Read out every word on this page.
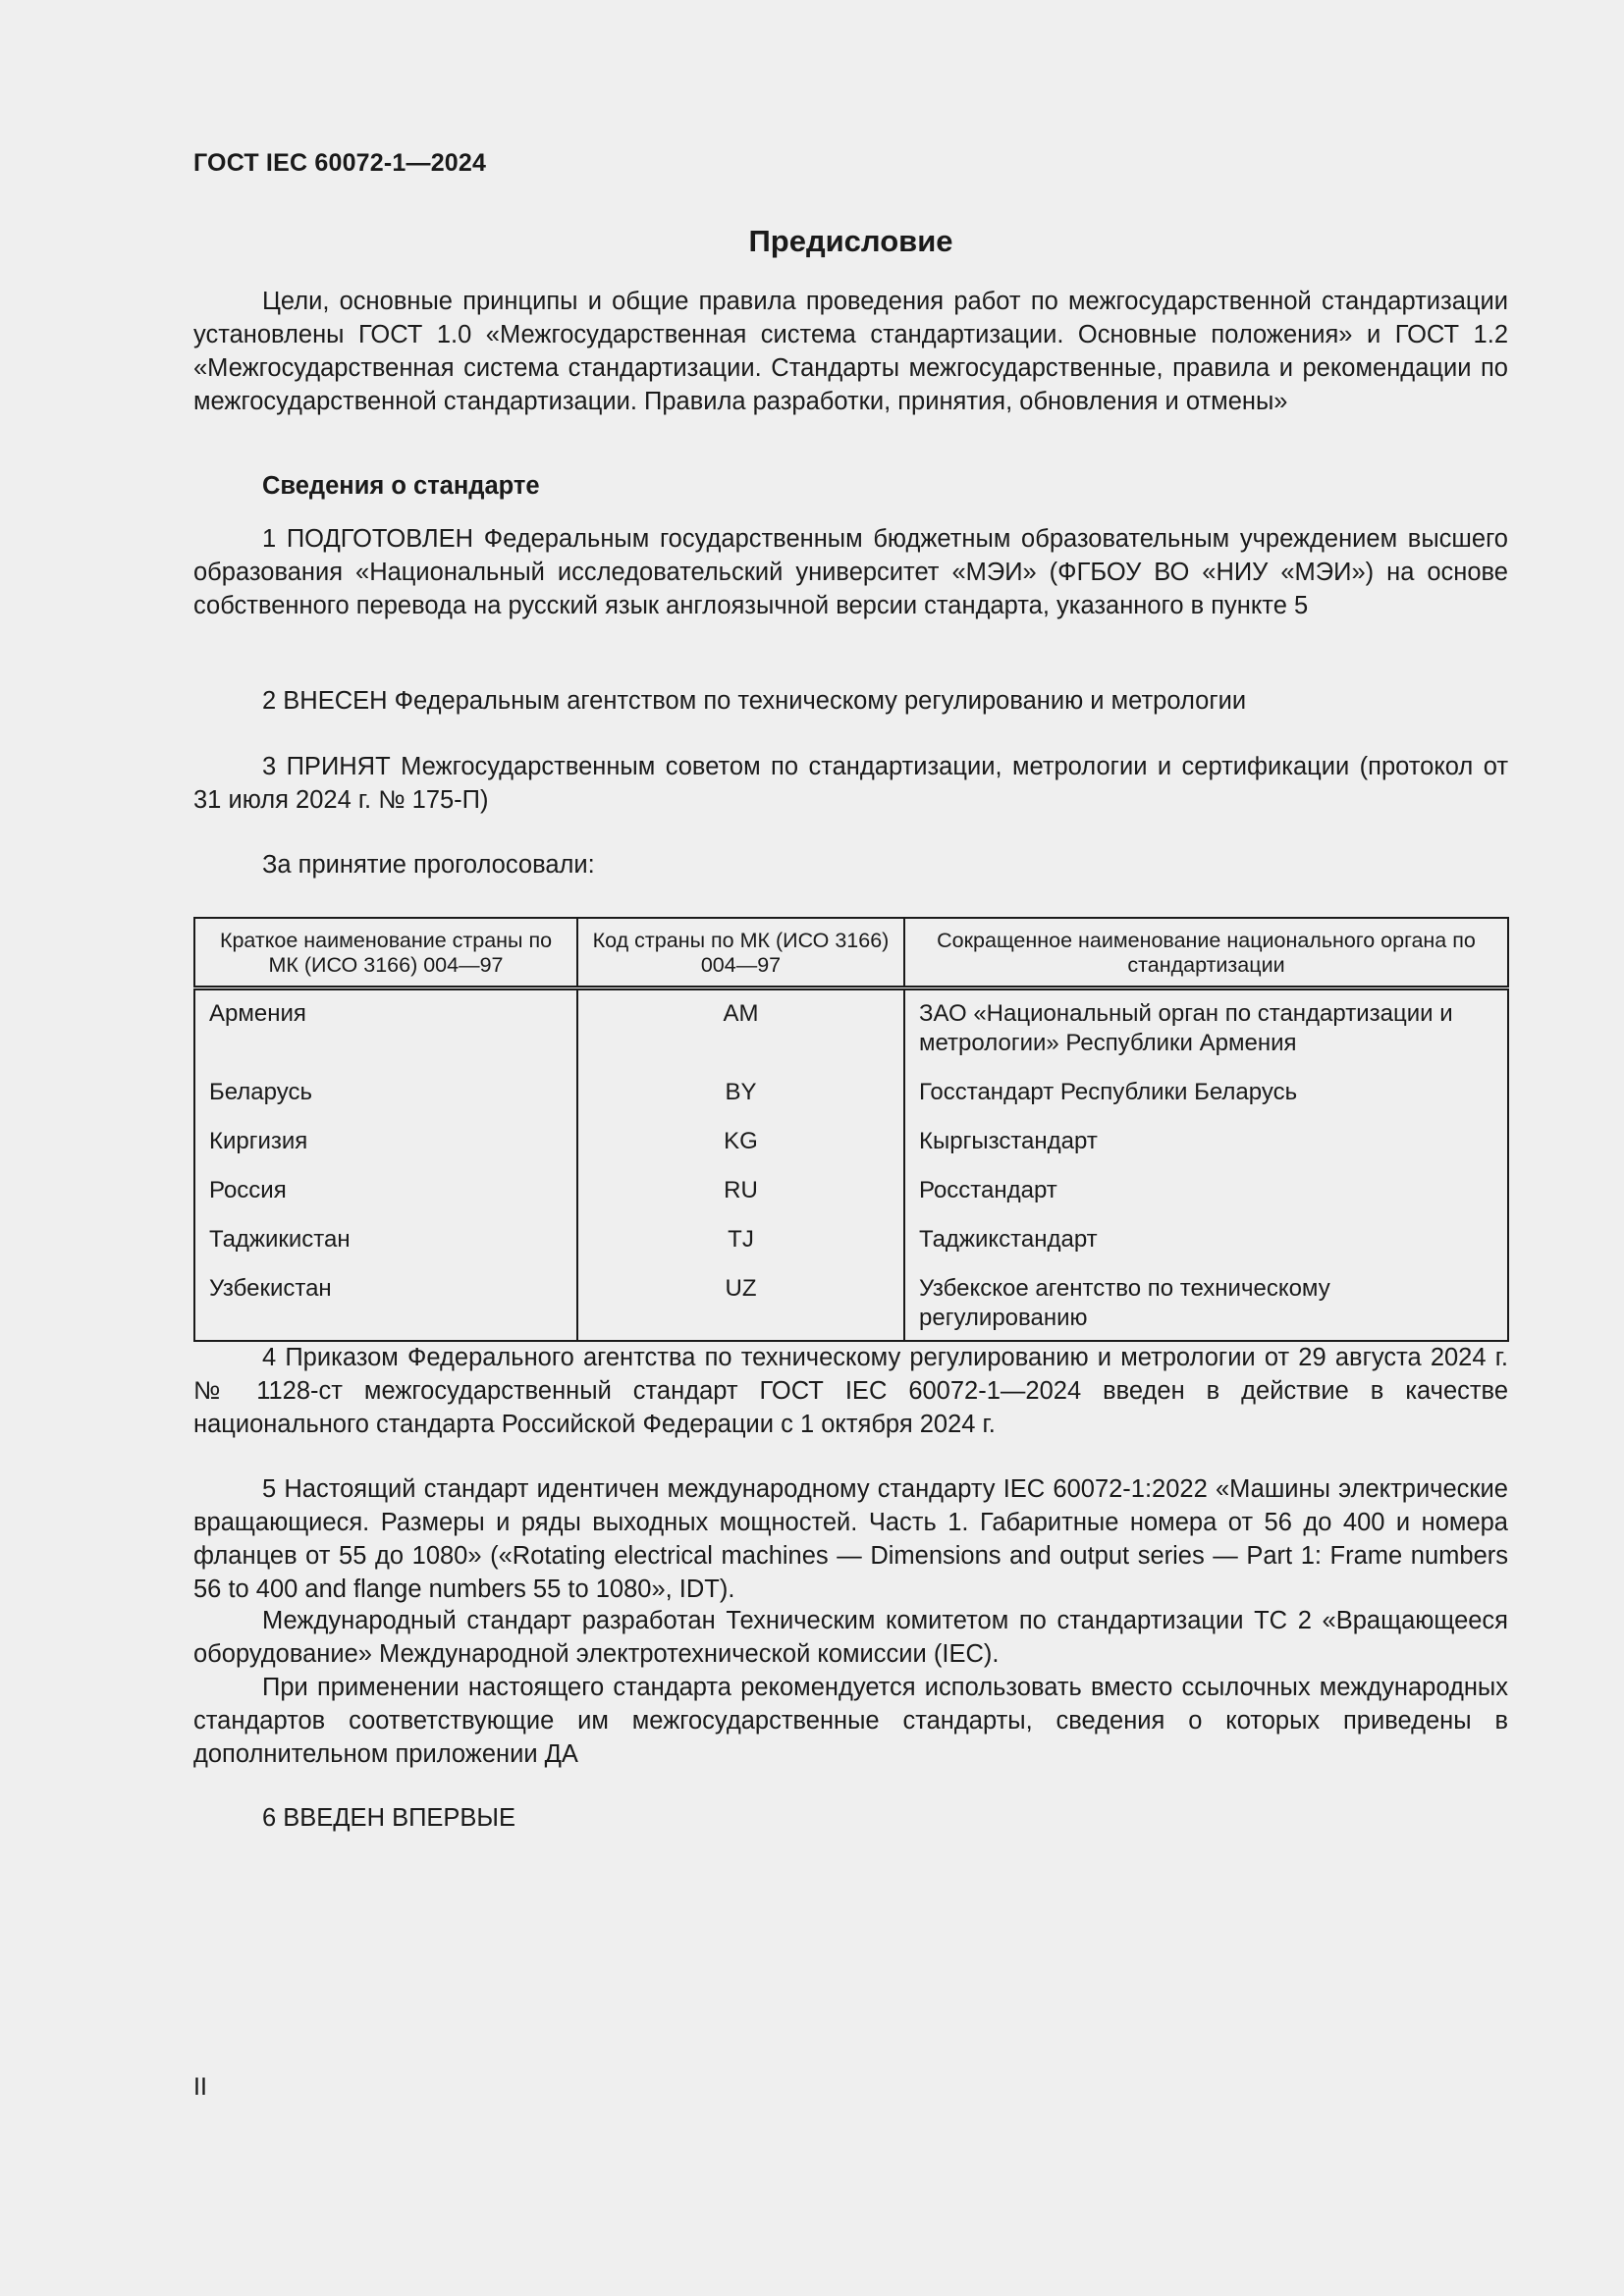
ГОСТ IEC 60072-1—2024
Предисловие
Цели, основные принципы и общие правила проведения работ по межгосударственной стандартизации установлены ГОСТ 1.0 «Межгосударственная система стандартизации. Основные положения» и ГОСТ 1.2 «Межгосударственная система стандартизации. Стандарты межгосударственные, правила и рекомендации по межгосударственной стандартизации. Правила разработки, принятия, обновления и отмены»
Сведения о стандарте
1 ПОДГОТОВЛЕН Федеральным государственным бюджетным образовательным учреждением высшего образования «Национальный исследовательский университет «МЭИ» (ФГБОУ ВО «НИУ «МЭИ») на основе собственного перевода на русский язык англоязычной версии стандарта, указанного в пункте 5
2 ВНЕСЕН Федеральным агентством по техническому регулированию и метрологии
3 ПРИНЯТ Межгосударственным советом по стандартизации, метрологии и сертификации (протокол от 31 июля 2024 г. № 175-П)
За принятие проголосовали:
Краткое наименование страны по МК (ИСО 3166) 004—97	Код страны по МК (ИСО 3166) 004—97	Сокращенное наименование национального органа по стандартизации
Армения	AM	ЗАО «Национальный орган по стандартизации и метрологии» Республики Армения
Беларусь	BY	Госстандарт Республики Беларусь
Киргизия	KG	Кыргызстандарт
Россия	RU	Росстандарт
Таджикистан	TJ	Таджикстандарт
Узбекистан	UZ	Узбекское агентство по техническому регулированию
4 Приказом Федерального агентства по техническому регулированию и метрологии от 29 августа 2024 г. № 1128-ст межгосударственный стандарт ГОСТ IEC 60072-1—2024 введен в действие в качестве национального стандарта Российской Федерации с 1 октября 2024 г.
5 Настоящий стандарт идентичен международному стандарту IEC 60072-1:2022 «Машины электрические вращающиеся. Размеры и ряды выходных мощностей. Часть 1. Габаритные номера от 56 до 400 и номера фланцев от 55 до 1080» («Rotating electrical machines — Dimensions and output series — Part 1: Frame numbers 56 to 400 and flange numbers 55 to 1080», IDT).
Международный стандарт разработан Техническим комитетом по стандартизации ТС 2 «Вращающееся оборудование» Международной электротехнической комиссии (IEC).
При применении настоящего стандарта рекомендуется использовать вместо ссылочных международных стандартов соответствующие им межгосударственные стандарты, сведения о которых приведены в дополнительном приложении ДА
6 ВВЕДЕН ВПЕРВЫЕ
II
